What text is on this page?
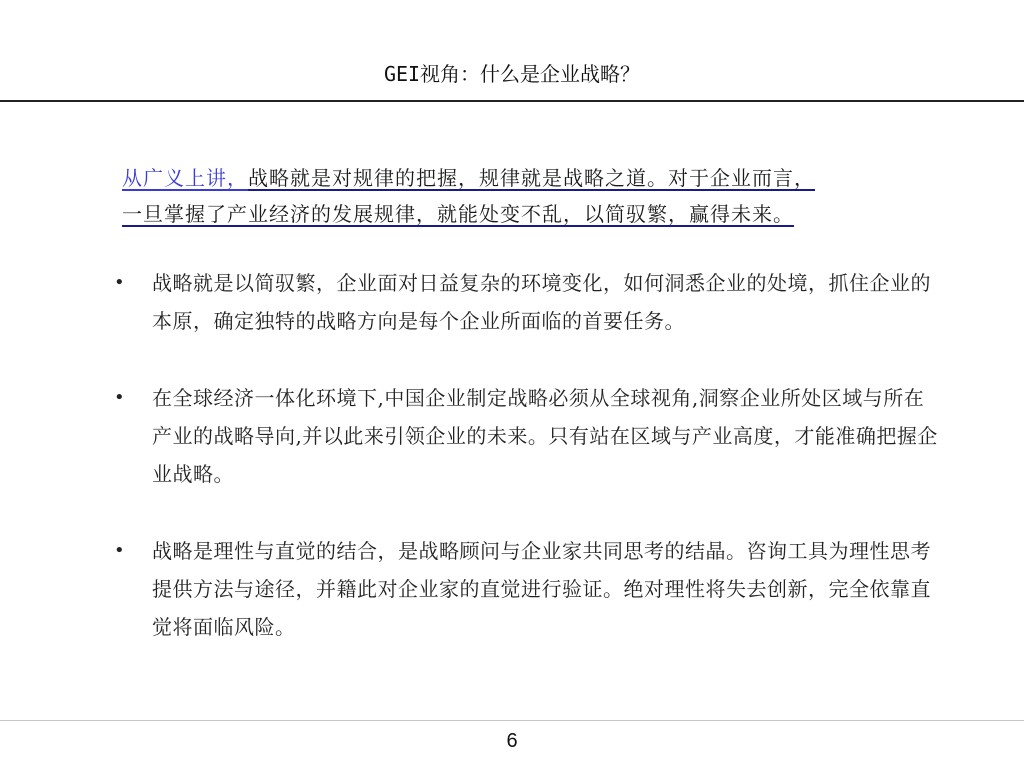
GEI视角：什么是企业战略？
从广义上讲，战略就是对规律的把握，规律就是战略之道。对于企业而言，
一旦掌握了产业经济的发展规律，就能处变不乱，以简驭繁，赢得未来。
• 战略就是以简驭繁，企业面对日益复杂的环境变化，如何洞悉企业的处境，抓住企业的本原，确定独特的战略方向是每个企业所面临的首要任务。
• 在全球经济一体化环境下,中国企业制定战略必须从全球视角,洞察企业所处区域与所在产业的战略导向,并以此来引领企业的未来。只有站在区域与产业高度，才能准确把握企业战略。
• 战略是理性与直觉的结合，是战略顾问与企业家共同思考的结晶。咨询工具为理性思考提供方法与途径，并籍此对企业家的直觉进行验证。绝对理性将失去创新，完全依靠直觉将面临风险。
6
